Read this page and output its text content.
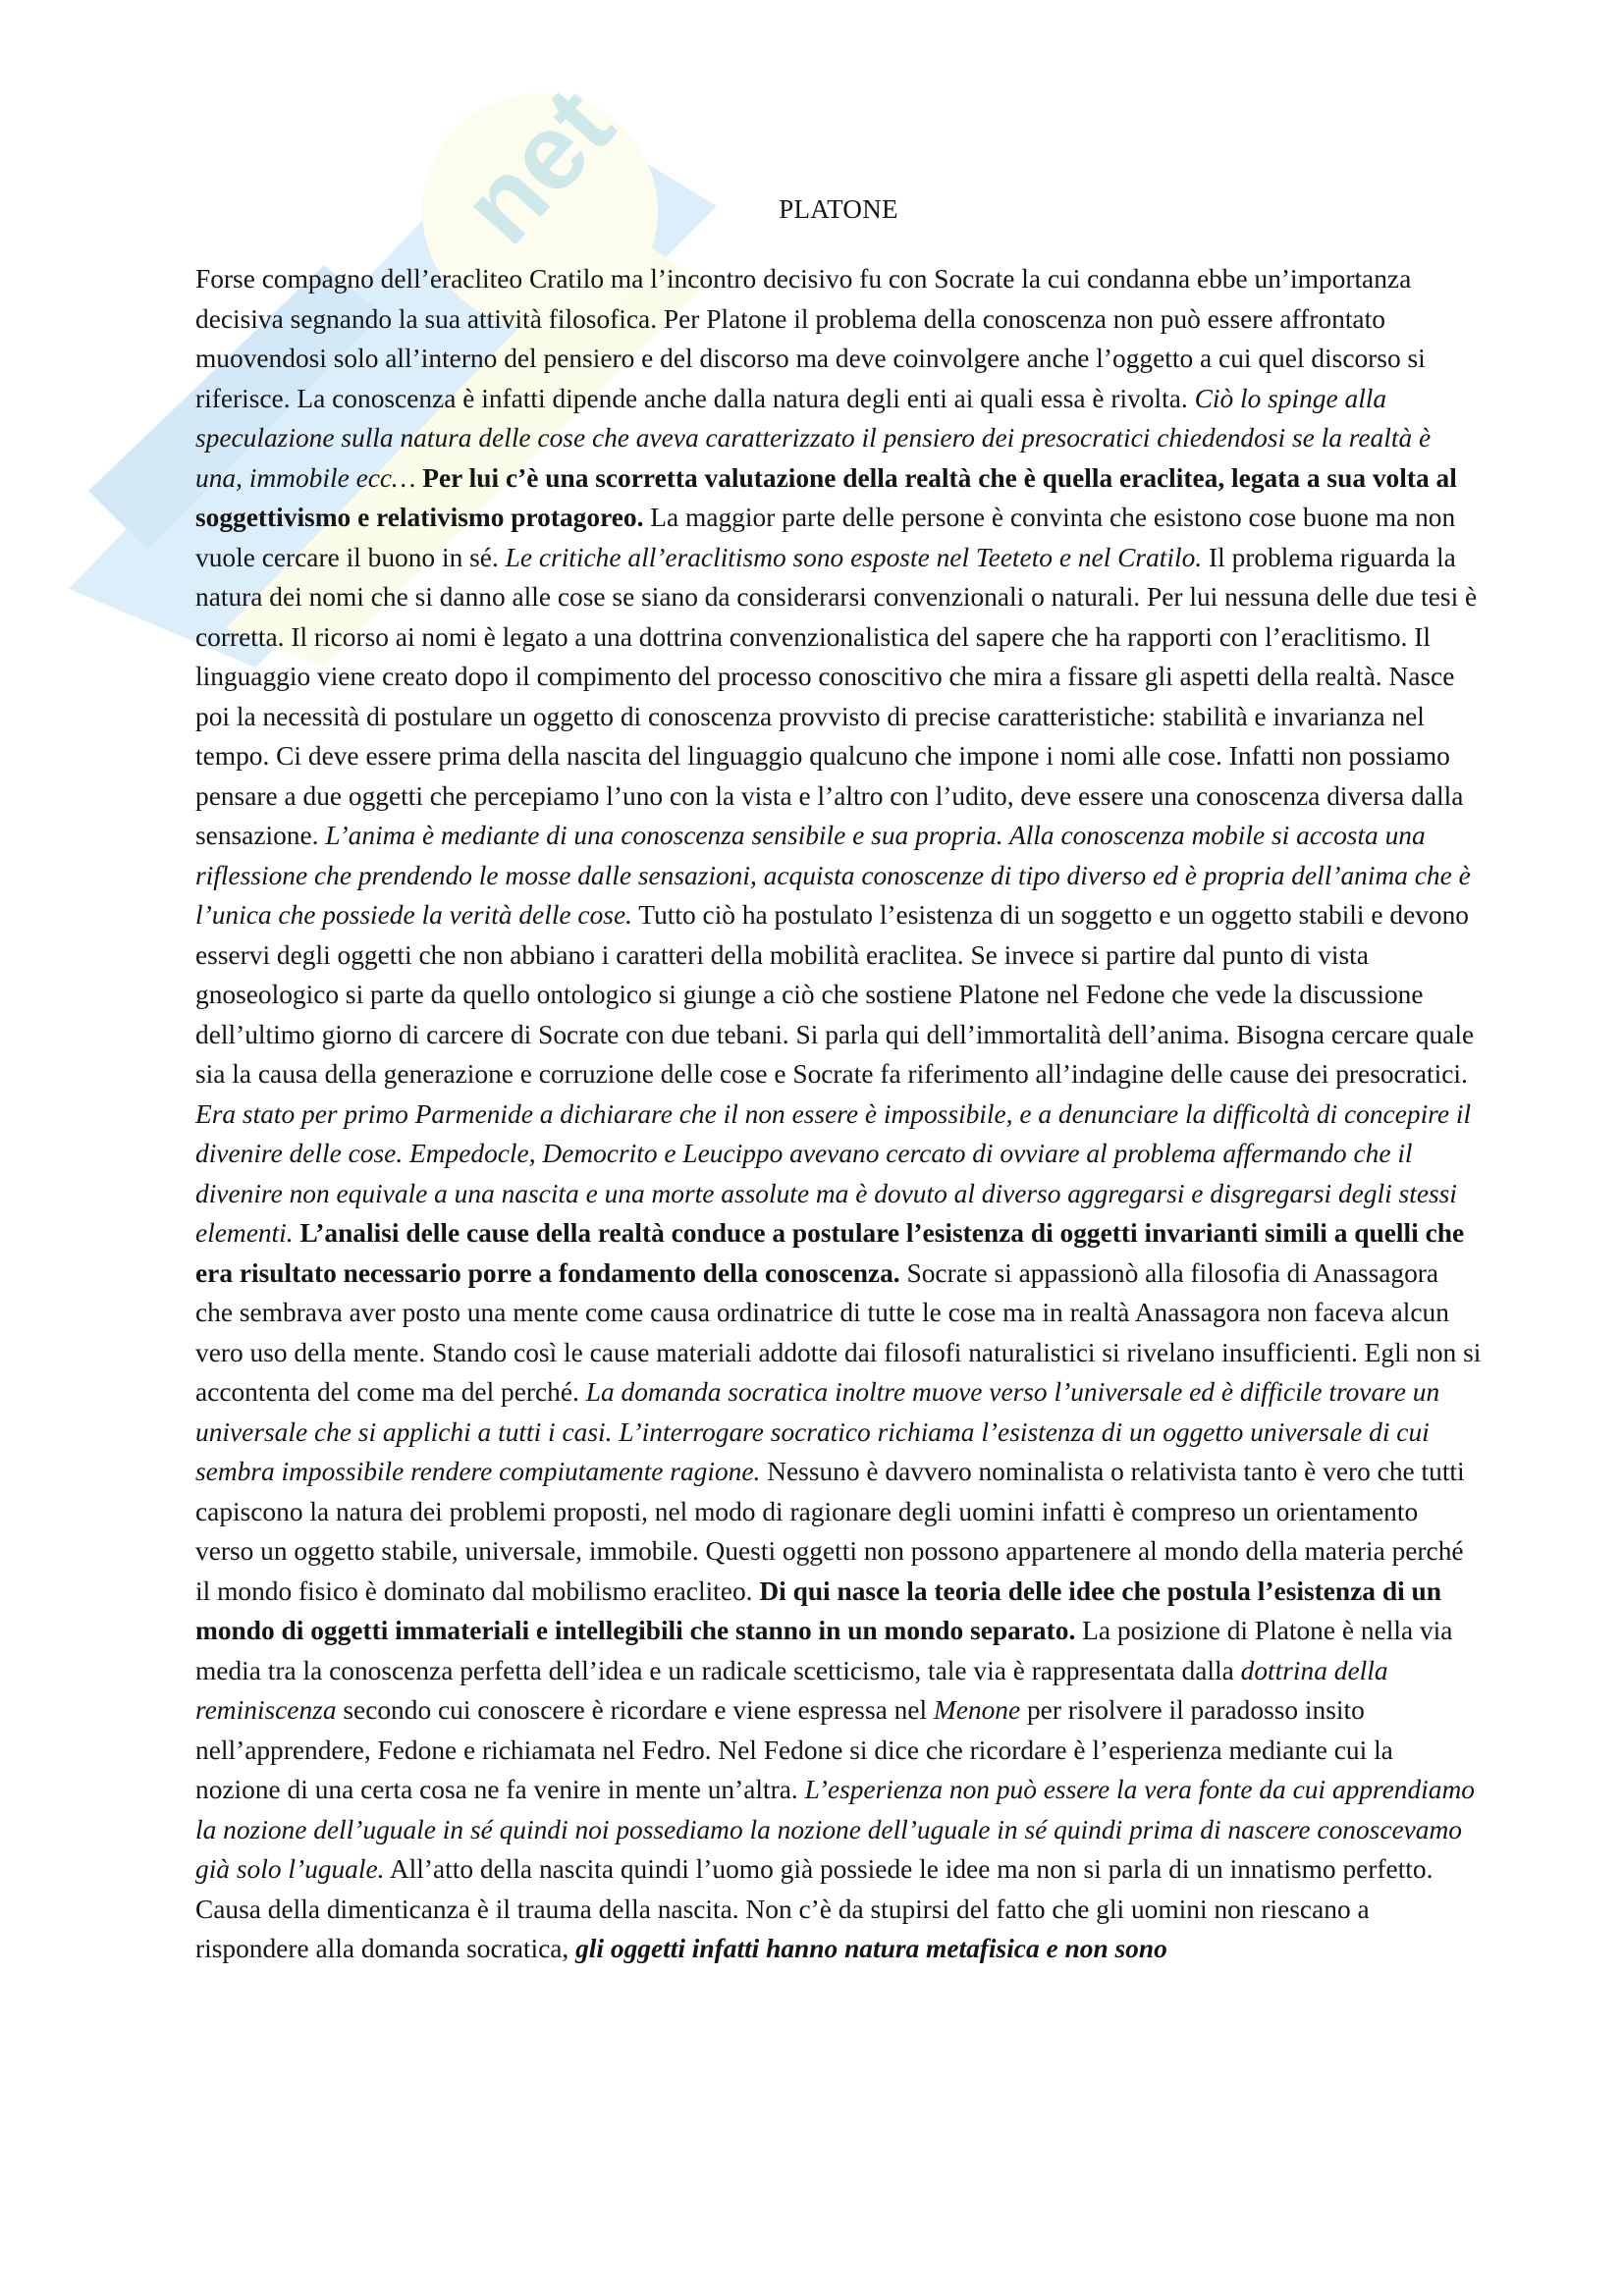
net	PLATONE

Forse compagno dell’eracliteo Cratilo ma l’incontro decisivo fu con Socrate la cui condanna ebbe un’importanza decisiva segnando la sua attività filosofica. Per Platone il problema della conoscenza non può essere affrontato muovendosi solo all’interno del pensiero e del discorso ma deve coinvolgere anche l’oggetto a cui quel discorso si riferisce. La conoscenza è infatti dipende anche dalla natura degli enti ai quali essa è rivolta. Ciò lo spinge alla speculazione sulla natura delle cose che aveva caratterizzato il pensiero dei presocratici chiedendosi se la realtà è una, immobile ecc… Per lui c’è una scorretta valutazione della realtà che è quella eraclitea, legata a sua volta al soggettivismo e relativismo protagoreo. La maggior parte delle persone è convinta che esistono cose buone ma non vuole cercare il buono in sé. Le critiche all’eraclitismo sono esposte nel Teeteto e nel Cratilo. Il problema riguarda la natura dei nomi che si danno alle cose se siano da considerarsi convenzionali o naturali. Per lui nessuna delle due tesi è corretta. Il ricorso ai nomi è legato a una dottrina convenzionalistica del sapere che ha rapporti con l’eraclitismo. Il linguaggio viene creato dopo il compimento del processo conoscitivo che mira a fissare gli aspetti della realtà. Nasce poi la necessità di postulare un oggetto di conoscenza provvisto di precise caratteristiche: stabilità e invarianza nel tempo. Ci deve essere prima della nascita del linguaggio qualcuno che impone i nomi alle cose. Infatti non possiamo pensare a due oggetti che percepiamo l’uno con la vista e l’altro con l’udito, deve essere una conoscenza diversa dalla sensazione. L’anima è mediante di una conoscenza sensibile e sua propria. Alla conoscenza mobile si accosta una riflessione che prendendo le mosse dalle sensazioni, acquista conoscenze di tipo diverso ed è propria dell’anima che è l’unica che possiede la verità delle cose. Tutto ciò ha postulato l’esistenza di un soggetto e un oggetto stabili e devono esservi degli oggetti che non abbiano i caratteri della mobilità eraclitea. Se invece si partire dal punto di vista gnoseologico si parte da quello ontologico si giunge a ciò che sostiene Platone nel Fedone che vede la discussione dell’ultimo giorno di carcere di Socrate con due tebani. Si parla qui dell’immortalità dell’anima. Bisogna cercare quale sia la causa della generazione e corruzione delle cose e Socrate fa riferimento all’indagine delle cause dei presocratici. Era stato per primo Parmenide a dichiarare che il non essere è impossibile, e a denunciare la difficoltà di concepire il divenire delle cose. Empedocle, Democrito e Leucippo avevano cercato di ovviare al problema affermando che il divenire non equivale a una nascita e una morte assolute ma è dovuto al diverso aggregarsi e disgregarsi degli stessi elementi. L’analisi delle cause della realtà conduce a postulare l’esistenza di oggetti invarianti simili a quelli che era risultato necessario porre a fondamento della conoscenza. Socrate si appassionò alla filosofia di Anassagora che sembrava aver posto una mente come causa ordinatrice di tutte le cose ma in realtà Anassagora non faceva alcun vero uso della mente. Stando così le cause materiali addotte dai filosofi naturalistici si rivelano insufficienti. Egli non si accontenta del come ma del perché. La domanda socratica inoltre muove verso l’universale ed è difficile trovare un universale che si applichi a tutti i casi. L’interrogare socratico richiama l’esistenza di un oggetto universale di cui sembra impossibile rendere compiutamente ragione. Nessuno è davvero nominalista o relativista tanto è vero che tutti capiscono la natura dei problemi proposti, nel modo di ragionare degli uomini infatti è compreso un orientamento verso un oggetto stabile, universale, immobile. Questi oggetti non possono appartenere al mondo della materia perché il mondo fisico è dominato dal mobilismo eracliteo. Di qui nasce la teoria delle idee che postula l’esistenza di un mondo di oggetti immateriali e intellegibili che stanno in un mondo separato. La posizione di Platone è nella via media tra la conoscenza perfetta dell’idea e un radicale scetticismo, tale via è rappresentata dalla dottrina della reminiscenza secondo cui conoscere è ricordare e viene espressa nel Menone per risolvere il paradosso insito nell’apprendere, Fedone e richiamata nel Fedro. Nel Fedone si dice che ricordare è l’esperienza mediante cui la nozione di una certa cosa ne fa venire in mente un’altra. L’esperienza non può essere la vera fonte da cui apprendiamo la nozione dell’uguale in sé quindi noi possediamo la nozione dell’uguale in sé quindi prima di nascere conoscevamo già solo l’uguale. All’atto della nascita quindi l’uomo già possiede le idee ma non si parla di un innatismo perfetto. Causa della dimenticanza è il trauma della nascita. Non c’è da stupirsi del fatto che gli uomini non riescano a rispondere alla domanda socratica, gli oggetti infatti hanno natura metafisica e non sono
